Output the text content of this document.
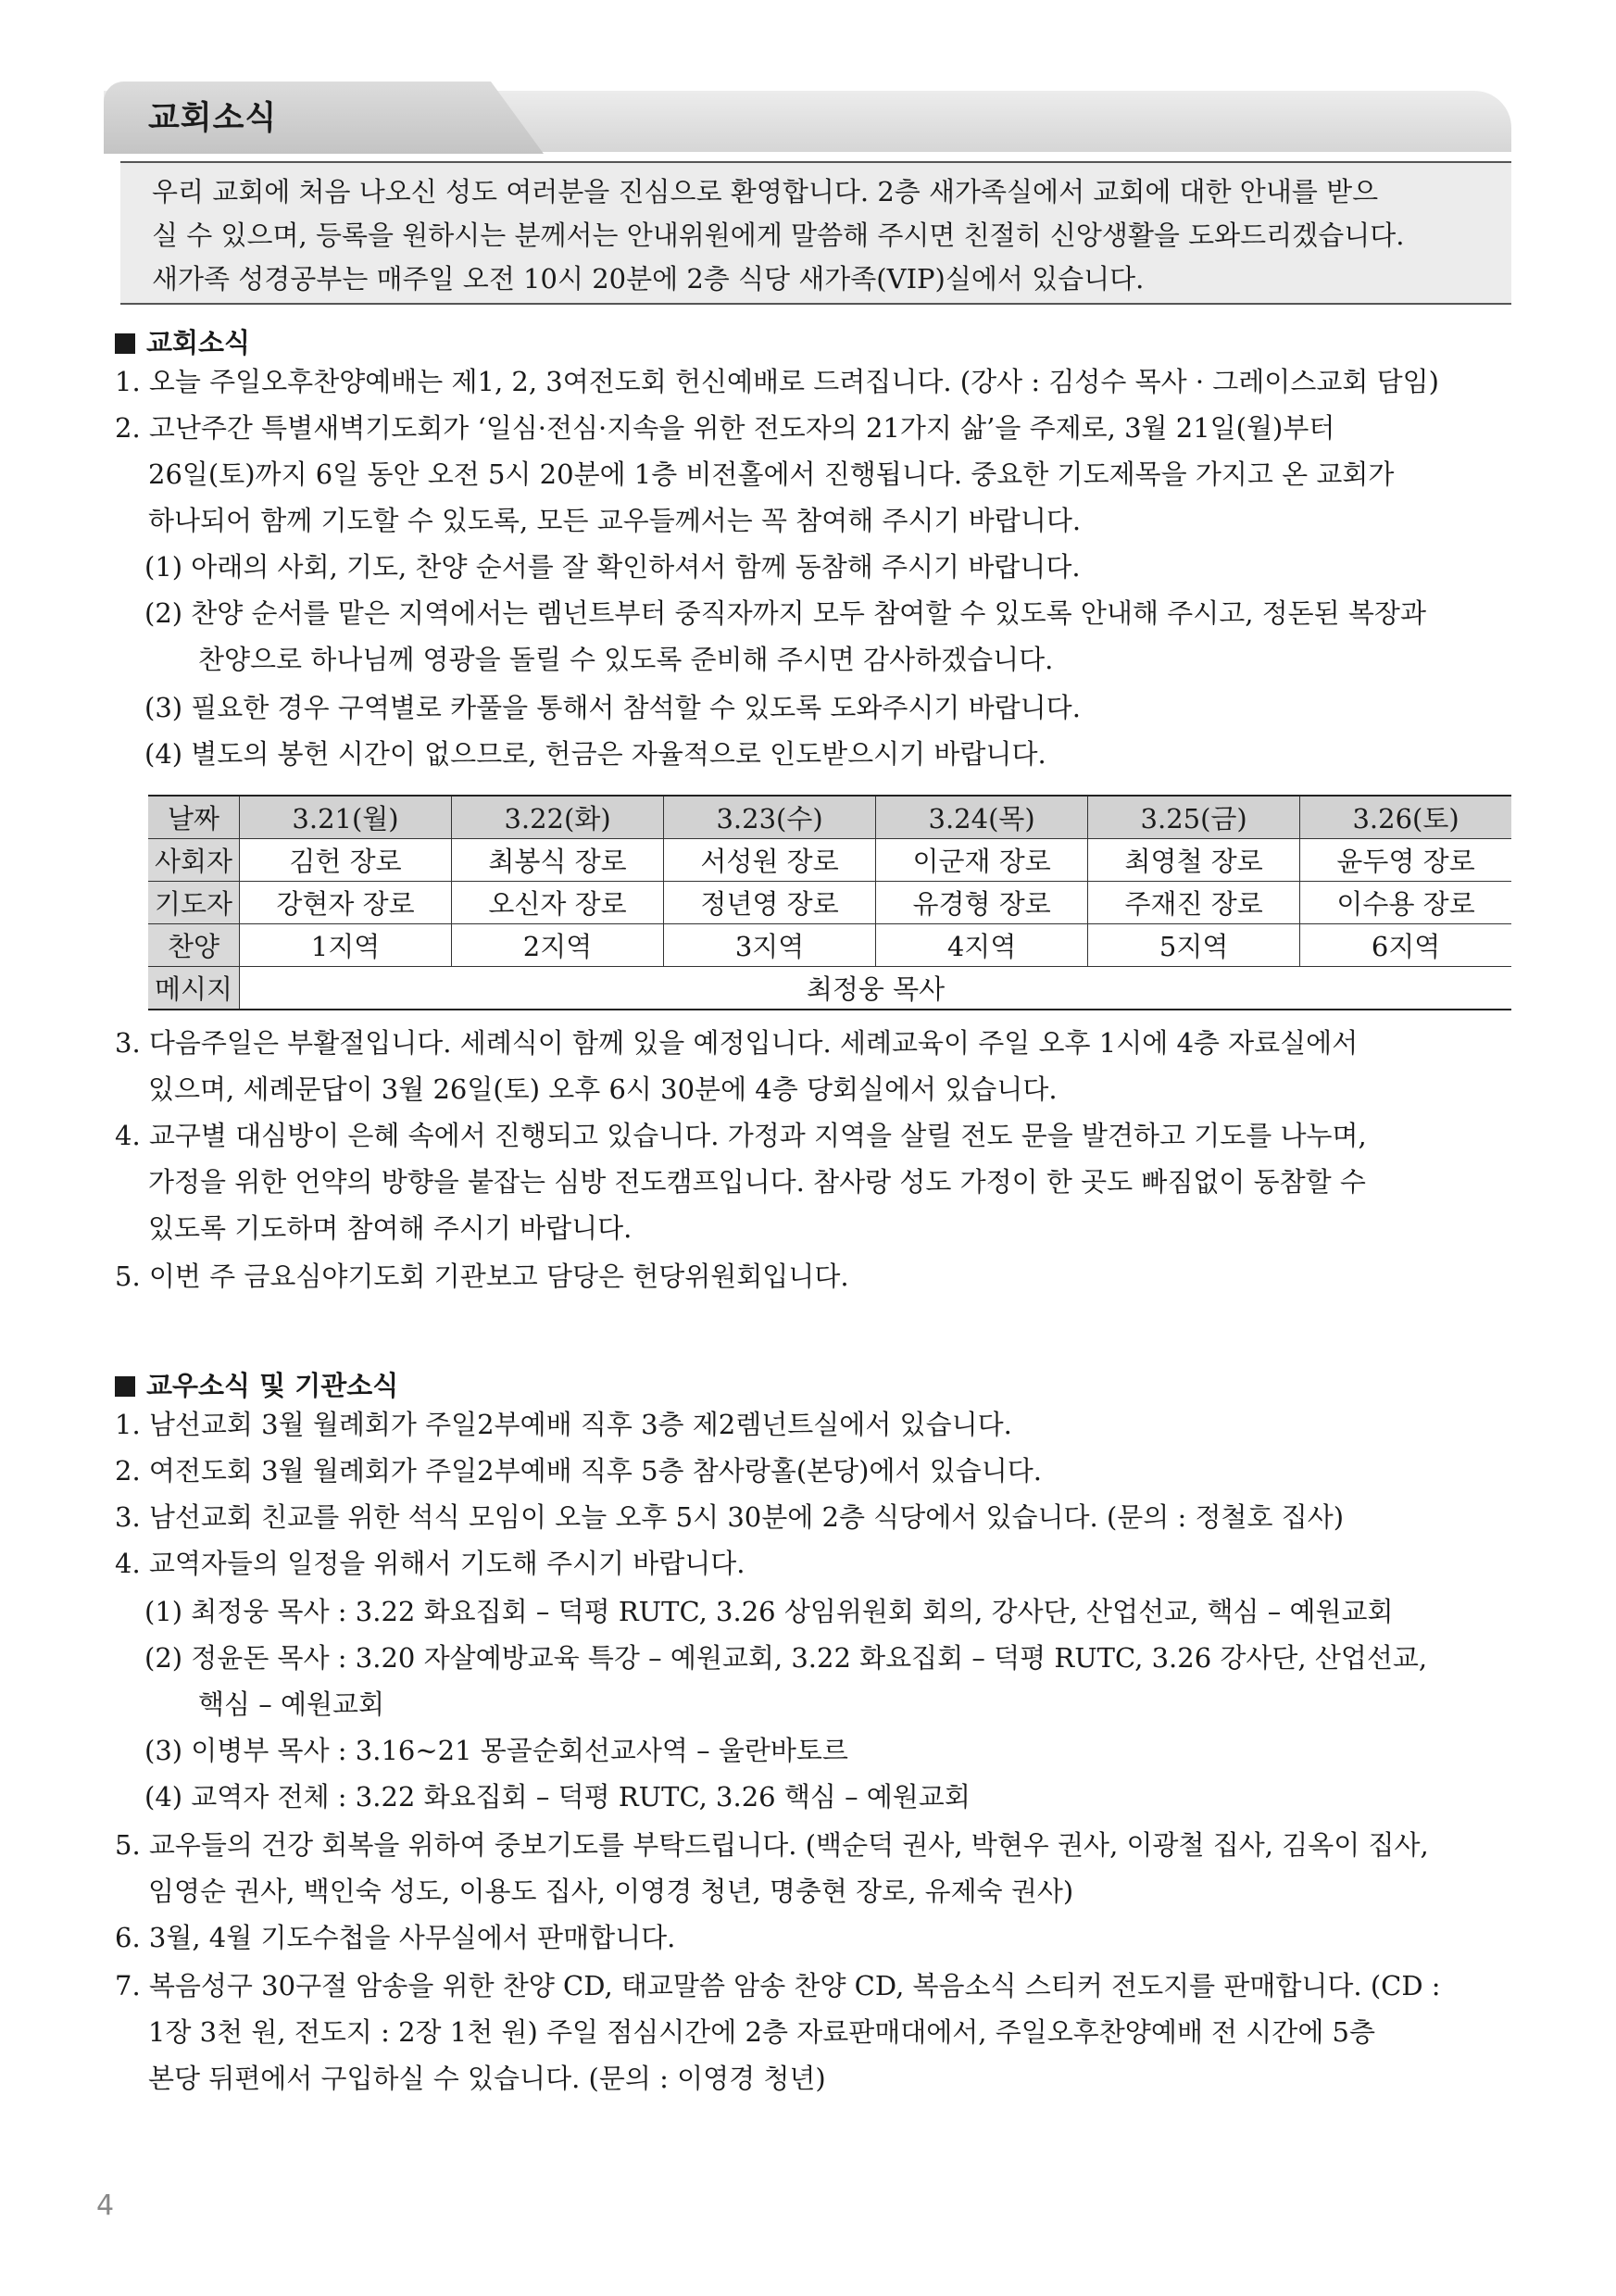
교회소식

우리 교회에 처음 나오신 성도 여러분을 진심으로 환영합니다. 2층 새가족실에서 교회에 대한 안내를 받으

실 수 있으며, 등록을 원하시는 분께서는 안내위원에게 말씀해 주시면 친절히 신앙생활을 도와드리겠습니다.

새가족 성경공부는 매주일 오전 10시 20분에 2층 식당 새가족(VIP)실에서 있습니다.

교회소식
1. 오늘 주일오후찬양예배는 제1, 2, 3여전도회 헌신예배로 드려집니다. (강사 : 김성수 목사 · 그레이스교회 담임)
2. 고난주간 특별새벽기도회가 ‘일심·전심·지속을 위한 전도자의 21가지 삶’을 주제로, 3월 21일(월)부터
26일(토)까지 6일 동안 오전 5시 20분에 1층 비전홀에서 진행됩니다. 중요한 기도제목을 가지고 온 교회가
하나되어 함께 기도할 수 있도록, 모든 교우들께서는 꼭 참여해 주시기 바랍니다.
(1) 아래의 사회, 기도, 찬양 순서를 잘 확인하셔서 함께 동참해 주시기 바랍니다.
(2) 찬양 순서를 맡은 지역에서는 렘넌트부터 중직자까지 모두 참여할 수 있도록 안내해 주시고, 정돈된 복장과
찬양으로 하나님께 영광을 돌릴 수 있도록 준비해 주시면 감사하겠습니다.
(3) 필요한 경우 구역별로 카풀을 통해서 참석할 수 있도록 도와주시기 바랍니다.
(4) 별도의 봉헌 시간이 없으므로, 헌금은 자율적으로 인도받으시기 바랍니다.
날짜	3.21(월)	3.22(화)	3.23(수)	3.24(목)	3.25(금)	3.26(토)
사회자	김헌 장로	최봉식 장로	서성원 장로	이군재 장로	최영철 장로	윤두영 장로
기도자	강현자 장로	오신자 장로	정년영 장로	유경형 장로	주재진 장로	이수용 장로
찬양	1지역	2지역	3지역	4지역	5지역	6지역
메시지	최정웅 목사					
3. 다음주일은 부활절입니다. 세례식이 함께 있을 예정입니다. 세례교육이 주일 오후 1시에 4층 자료실에서
있으며, 세례문답이 3월 26일(토) 오후 6시 30분에 4층 당회실에서 있습니다.
4. 교구별 대심방이 은혜 속에서 진행되고 있습니다. 가정과 지역을 살릴 전도 문을 발견하고 기도를 나누며,
가정을 위한 언약의 방향을 붙잡는 심방 전도캠프입니다. 참사랑 성도 가정이 한 곳도 빠짐없이 동참할 수
있도록 기도하며 참여해 주시기 바랍니다.
5. 이번 주 금요심야기도회 기관보고 담당은 헌당위원회입니다.
교우소식 및 기관소식
1. 남선교회 3월 월례회가 주일2부예배 직후 3층 제2렘넌트실에서 있습니다.
2. 여전도회 3월 월례회가 주일2부예배 직후 5층 참사랑홀(본당)에서 있습니다.
3. 남선교회 친교를 위한 석식 모임이 오늘 오후 5시 30분에 2층 식당에서 있습니다. (문의 : 정철호 집사)
4. 교역자들의 일정을 위해서 기도해 주시기 바랍니다.
(1) 최정웅 목사 : 3.22 화요집회 – 덕평 RUTC, 3.26 상임위원회 회의, 강사단, 산업선교, 핵심 – 예원교회
(2) 정윤돈 목사 : 3.20 자살예방교육 특강 – 예원교회, 3.22 화요집회 – 덕평 RUTC, 3.26 강사단, 산업선교,
핵심 – 예원교회
(3) 이병부 목사 : 3.16~21 몽골순회선교사역 – 울란바토르
(4) 교역자 전체 : 3.22 화요집회 – 덕평 RUTC, 3.26 핵심 – 예원교회
5. 교우들의 건강 회복을 위하여 중보기도를 부탁드립니다. (백순덕 권사, 박현우 권사, 이광철 집사, 김옥이 집사,
임영순 권사, 백인숙 성도, 이용도 집사, 이영경 청년, 명충현 장로, 유제숙 권사)
6. 3월, 4월 기도수첩을 사무실에서 판매합니다.
7. 복음성구 30구절 암송을 위한 찬양 CD, 태교말씀 암송 찬양 CD, 복음소식 스티커 전도지를 판매합니다. (CD :
1장 3천 원, 전도지 : 2장 1천 원) 주일 점심시간에 2층 자료판매대에서, 주일오후찬양예배 전 시간에 5층
본당 뒤편에서 구입하실 수 있습니다. (문의 : 이영경 청년)
4
